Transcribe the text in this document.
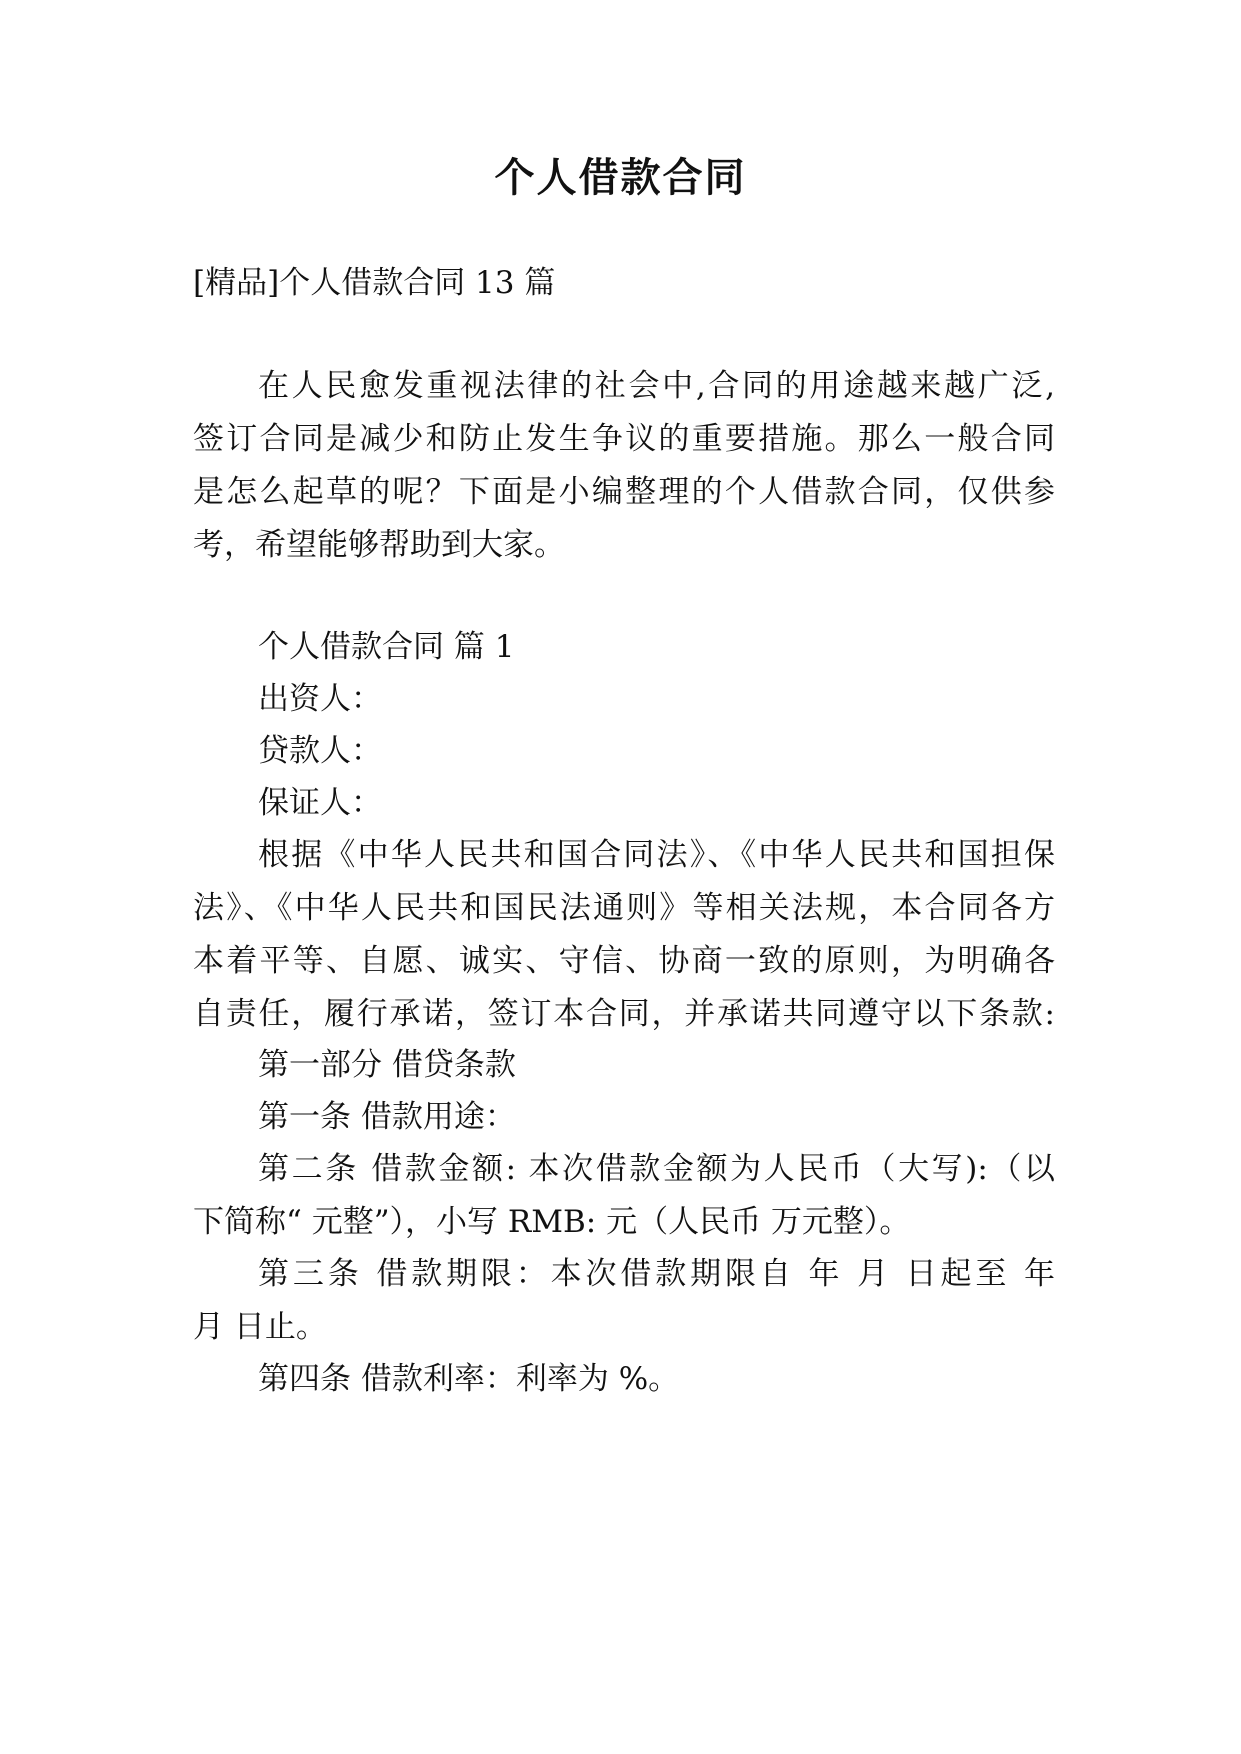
个人借款合同
[精品]个人借款合同 13 篇
在人民愈发重视法律的社会中,合同的用途越来越广泛,
签订合同是减少和防止发生争议的重要措施。那么一般合同
是怎么起草的呢？下面是小编整理的个人借款合同，仅供参
考，希望能够帮助到大家。
个人借款合同 篇 1
出资人：
贷款人：
保证人：
根据《中华人民共和国合同法》、《中华人民共和国担保
法》、《中华人民共和国民法通则》等相关法规，本合同各方
本着平等、自愿、诚实、守信、协商一致的原则，为明确各
自责任，履行承诺，签订本合同，并承诺共同遵守以下条款:
第一部分 借贷条款
第一条 借款用途：
第二条 借款金额: 本次借款金额为人民币（大写):（以
下简称“ 元整”），小写 RMB: 元（人民币 万元整）。
第三条 借款期限：本次借款期限自 年 月 日起至 年
月 日止。
第四条 借款利率：利率为 %。
